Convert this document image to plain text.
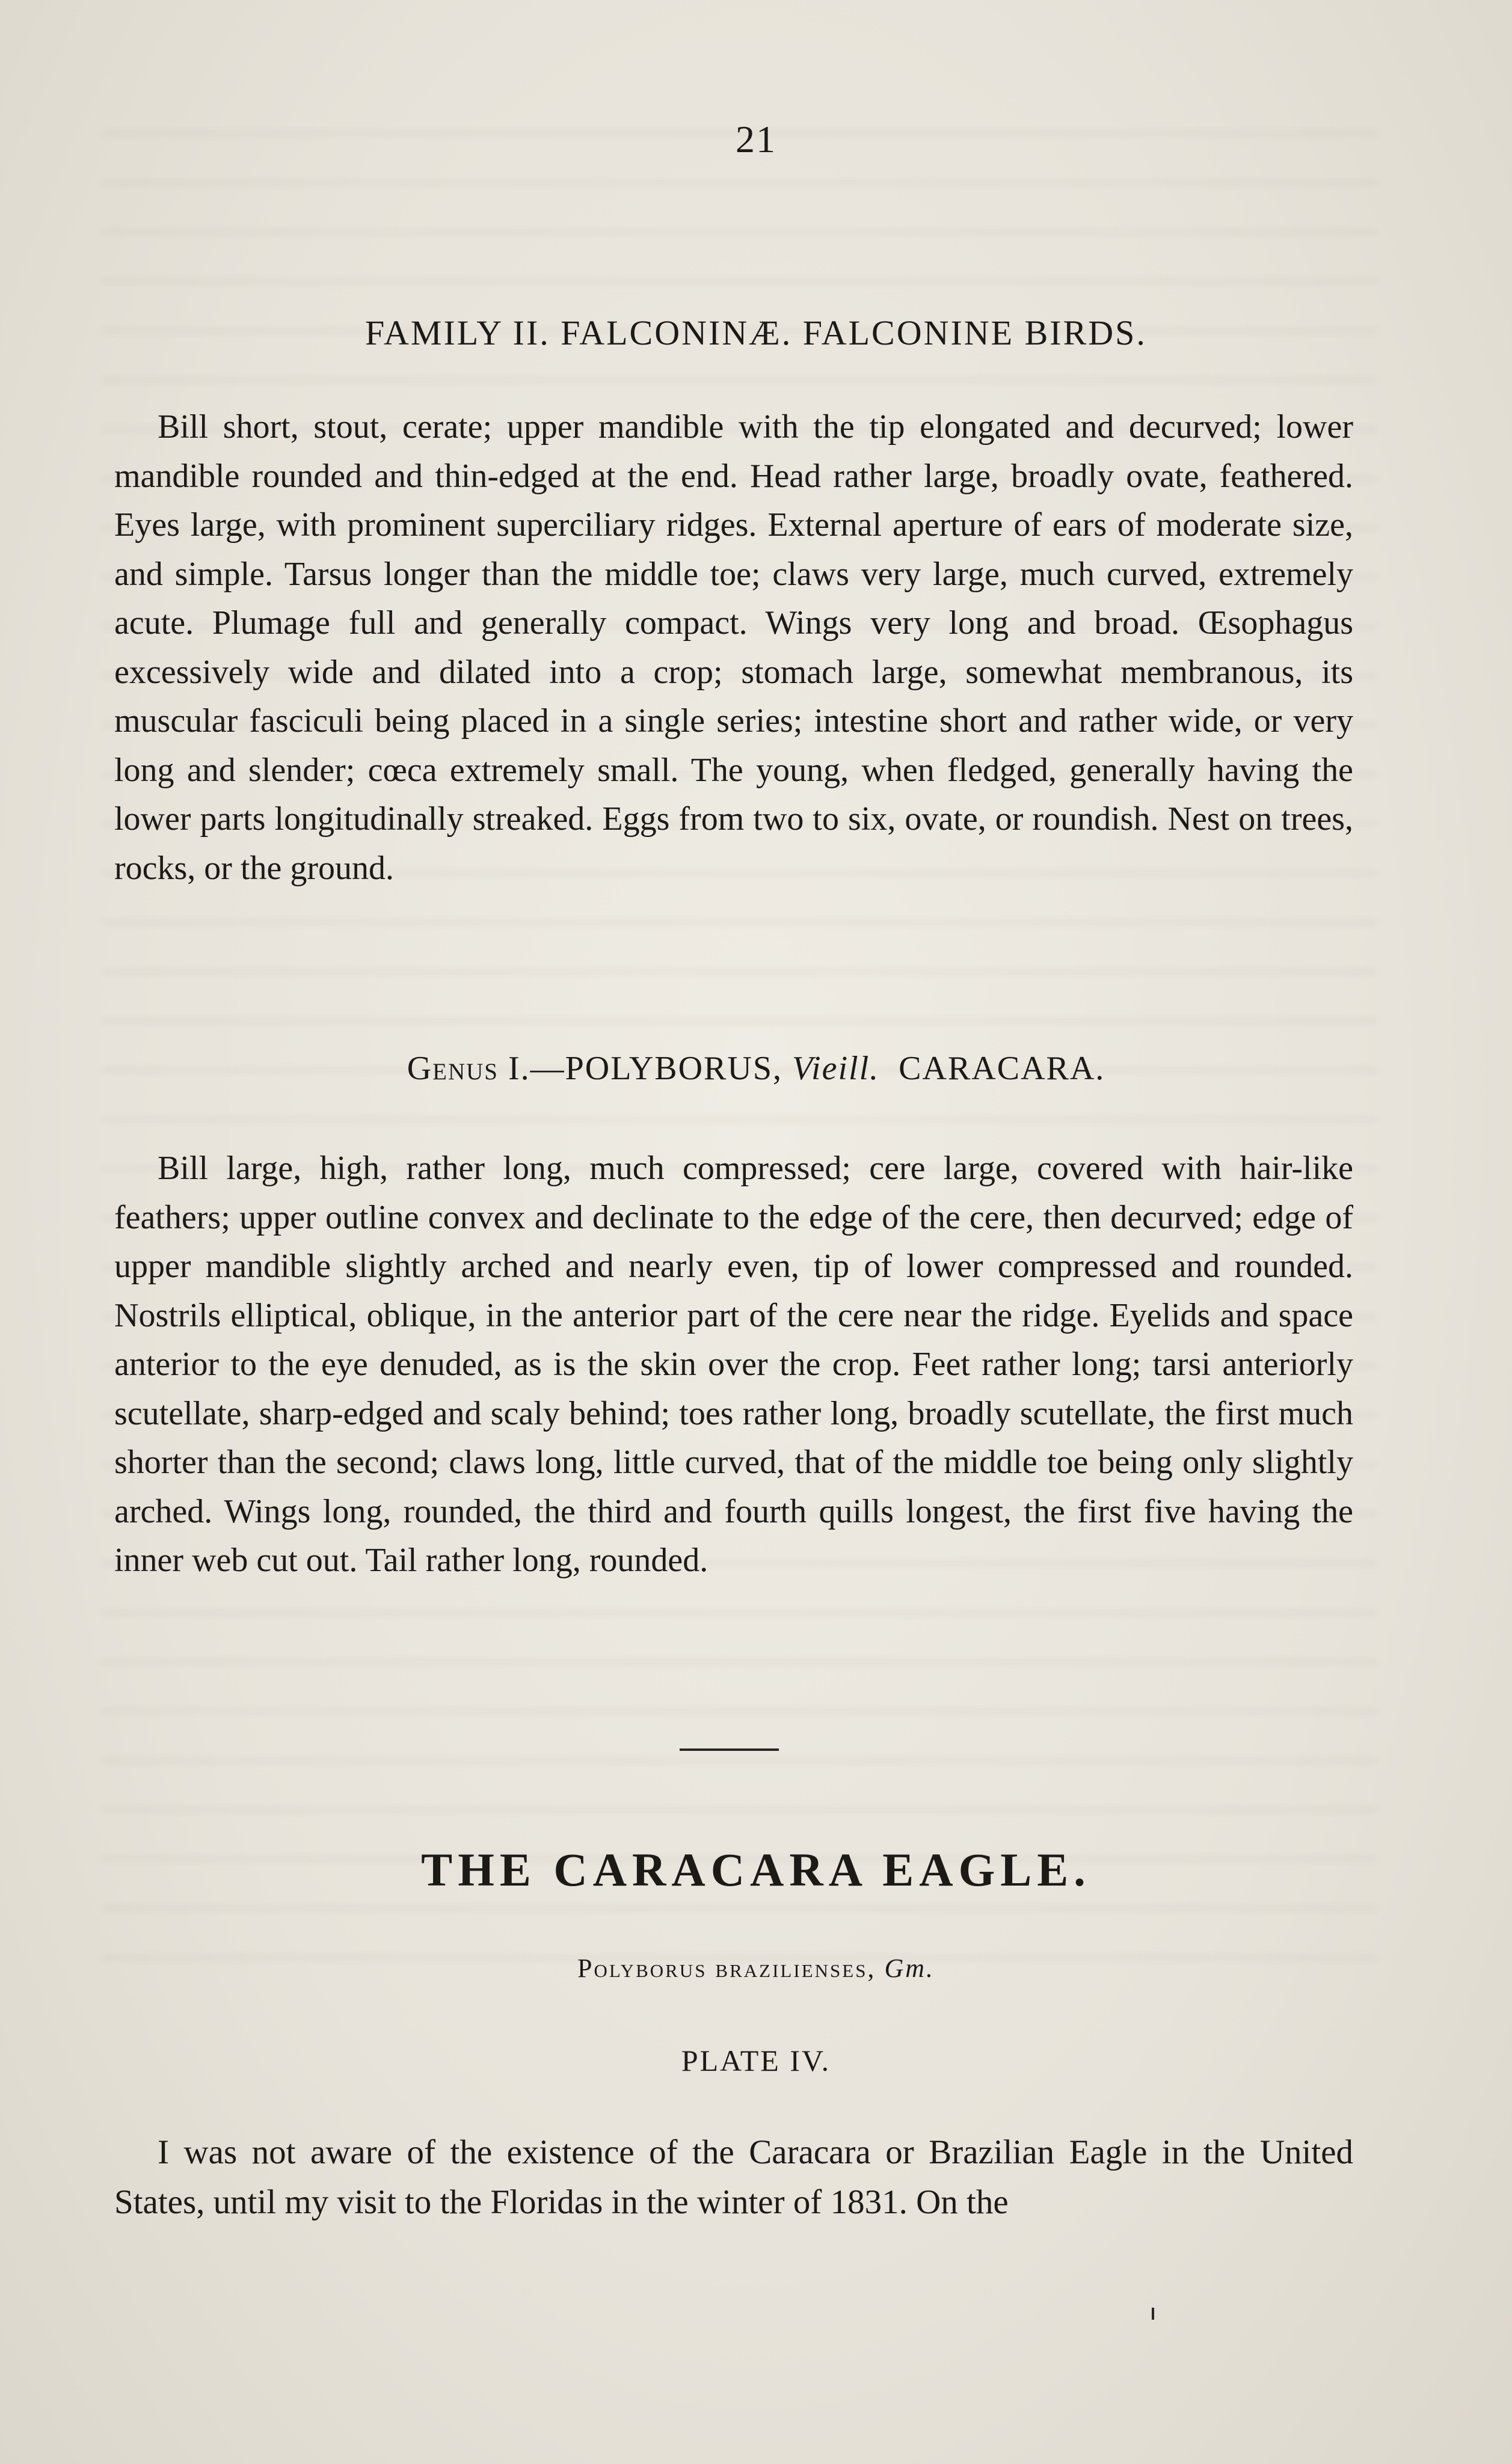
21
FAMILY II. FALCONINÆ. FALCONINE BIRDS.

Bill short, stout, cerate; upper mandible with the tip elongated and decurved; lower mandible rounded and thin-edged at the end. Head rather large, broadly ovate, feathered. Eyes large, with prominent superciliary ridges. External aperture of ears of moderate size, and simple. Tarsus longer than the middle toe; claws very large, much curved, extremely acute. Plumage full and generally compact. Wings very long and broad. Œsophagus excessively wide and dilated into a crop; stomach large, somewhat membranous, its muscular fasciculi being placed in a single series; intestine short and rather wide, or very long and slender; cœca extremely small. The young, when fledged, generally having the lower parts longitudinally streaked. Eggs from two to six, ovate, or roundish. Nest on trees, rocks, or the ground.

Genus I.—POLYBORUS, Vieill. CARACARA.

Bill large, high, rather long, much compressed; cere large, covered with hair-like feathers; upper outline convex and declinate to the edge of the cere, then decurved; edge of upper mandible slightly arched and nearly even, tip of lower compressed and rounded. Nostrils elliptical, oblique, in the anterior part of the cere near the ridge. Eyelids and space anterior to the eye denuded, as is the skin over the crop. Feet rather long; tarsi anteriorly scutellate, sharp-edged and scaly behind; toes rather long, broadly scutellate, the first much shorter than the second; claws long, little curved, that of the middle toe being only slightly arched. Wings long, rounded, the third and fourth quills longest, the first five having the inner web cut out. Tail rather long, rounded.

THE CARACARA EAGLE.
Polyborus brazilienses, Gm.
PLATE IV.

I was not aware of the existence of the Caracara or Brazilian Eagle in the United States, until my visit to the Floridas in the winter of 1831. On the
